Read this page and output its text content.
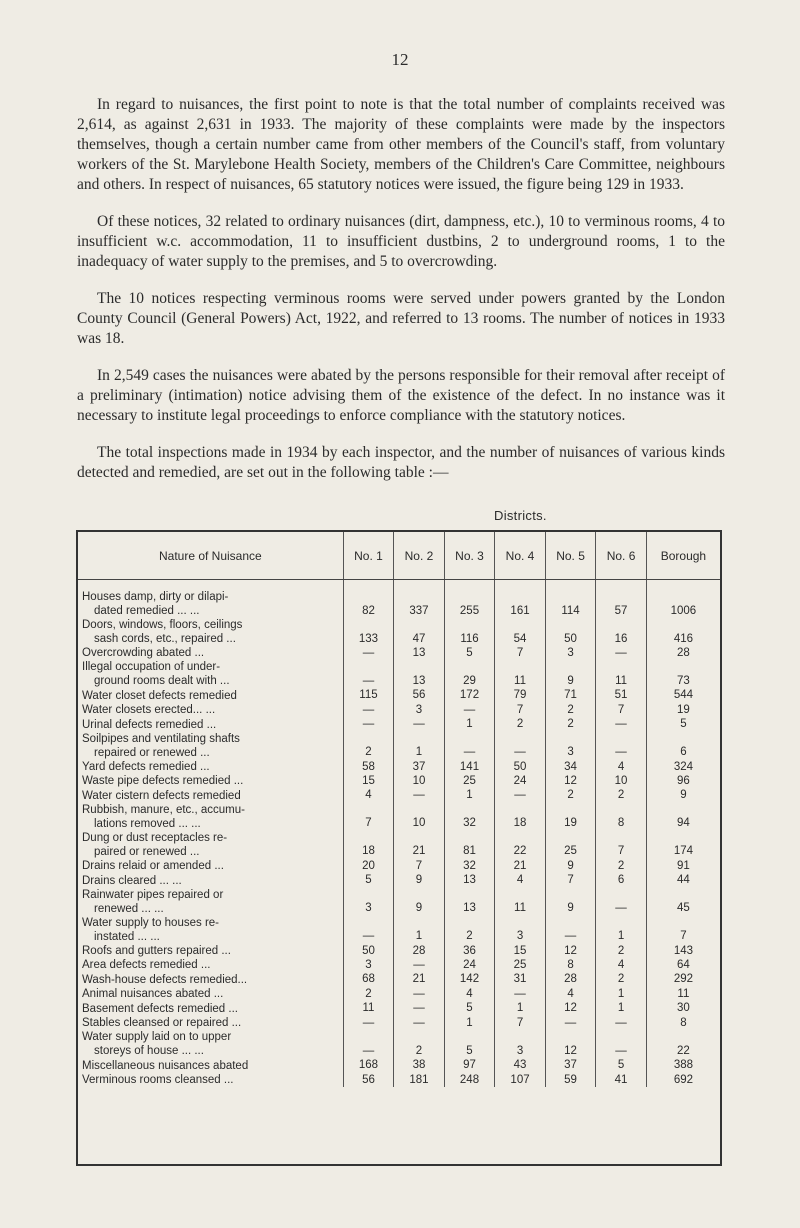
12

In regard to nuisances, the first point to note is that the total number of complaints received was 2,614, as against 2,631 in 1933. The majority of these complaints were made by the inspectors themselves, though a certain number came from other members of the Council's staff, from voluntary workers of the St. Marylebone Health Society, members of the Children's Care Committee, neighbours and others. In respect of nuisances, 65 statutory notices were issued, the figure being 129 in 1933.

Of these notices, 32 related to ordinary nuisances (dirt, dampness, etc.), 10 to verminous rooms, 4 to insufficient w.c. accommodation, 11 to insufficient dustbins, 2 to underground rooms, 1 to the inadequacy of water supply to the premises, and 5 to overcrowding.

The 10 notices respecting verminous rooms were served under powers granted by the London County Council (General Powers) Act, 1922, and referred to 13 rooms. The number of notices in 1933 was 18.

In 2,549 cases the nuisances were abated by the persons responsible for their removal after receipt of a preliminary (intimation) notice advising them of the existence of the defect. In no instance was it necessary to institute legal proceedings to enforce compliance with the statutory notices.

The total inspections made in 1934 by each inspector, and the number of nuisances of various kinds detected and remedied, are set out in the following table :—

Districts.
Nature of Nuisance	No. 1	No. 2	No. 3	No. 4	No. 5	No. 6	Borough

Houses damp, dirty or dilapi-
dated remedied ... ...	82	337	255	161	114	57	1006

Doors, windows, floors, ceilings
sash cords, etc., repaired ...	133	47	116	54	50	16	416

Overcrowding abated ...	—	13	5	7	3	—	28

Illegal occupation of under-
ground rooms dealt with ...	—	13	29	11	9	11	73

Water closet defects remedied	115	56	172	79	71	51	544

Water closets erected... ...	—	3	—	7	2	7	19

Urinal defects remedied ...	—	—	1	2	2	—	5

Soilpipes and ventilating shafts
repaired or renewed ...	2	1	—	—	3	—	6

Yard defects remedied ...	58	37	141	50	34	4	324

Waste pipe defects remedied ...	15	10	25	24	12	10	96

Water cistern defects remedied	4	—	1	—	2	2	9

Rubbish, manure, etc., accumu-
lations removed ... ...	7	10	32	18	19	8	94

Dung or dust receptacles re-
paired or renewed ...	18	21	81	22	25	7	174

Drains relaid or amended ...	20	7	32	21	9	2	91

Drains cleared ... ...	5	9	13	4	7	6	44

Rainwater pipes repaired or
renewed ... ...	3	9	13	11	9	—	45

Water supply to houses re-
instated ... ...	—	1	2	3	—	1	7

Roofs and gutters repaired ...	50	28	36	15	12	2	143

Area defects remedied ...	3	—	24	25	8	4	64

Wash-house defects remedied...	68	21	142	31	28	2	292

Animal nuisances abated ...	2	—	4	—	4	1	11

Basement defects remedied ...	11	—	5	1	12	1	30

Stables cleansed or repaired ...	—	—	1	7	—	—	8

Water supply laid on to upper
storeys of house ... ...	—	2	5	3	12	—	22

Miscellaneous nuisances abated	168	38	97	43	37	5	388

Verminous rooms cleansed ...	56	181	248	107	59	41	692
